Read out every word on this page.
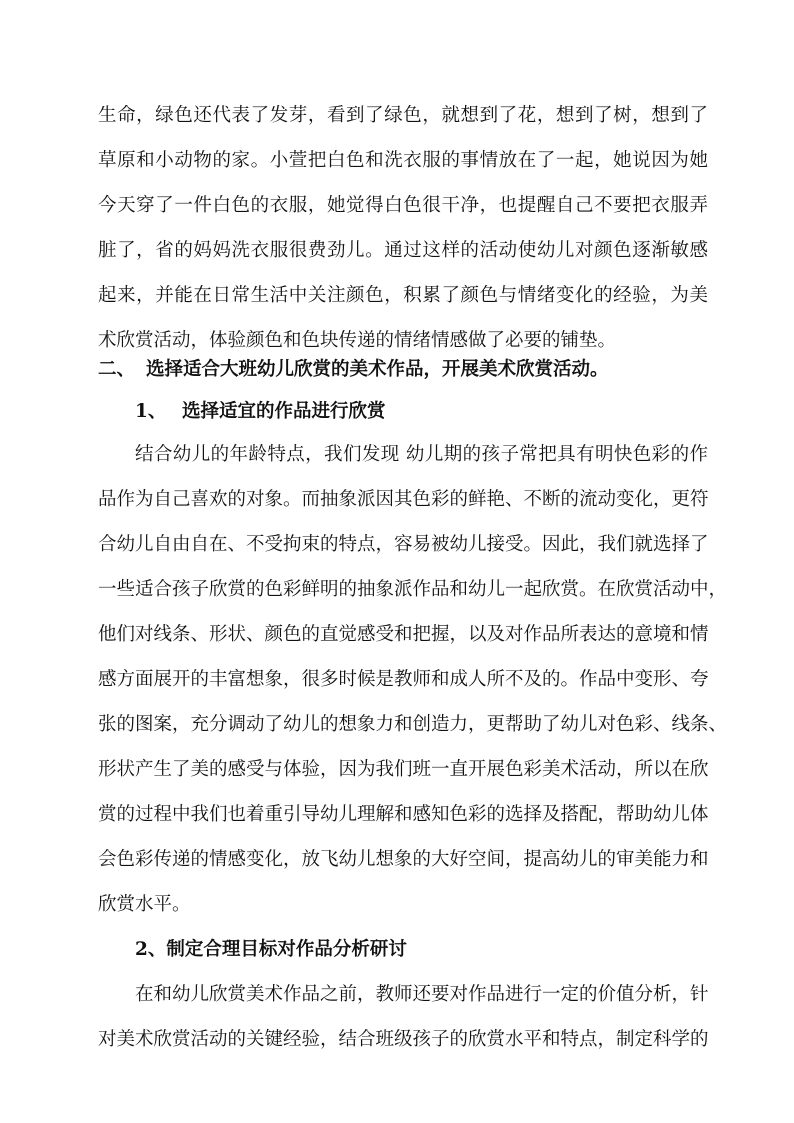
生命，绿色还代表了发芽，看到了绿色，就想到了花，想到了树，想到了
草原和小动物的家。小萱把白色和洗衣服的事情放在了一起，她说因为她
今天穿了一件白色的衣服，她觉得白色很干净，也提醒自己不要把衣服弄
脏了，省的妈妈洗衣服很费劲儿。通过这样的活动使幼儿对颜色逐渐敏感
起来，并能在日常生活中关注颜色，积累了颜色与情绪变化的经验，为美
术欣赏活动，体验颜色和色块传递的情绪情感做了必要的铺垫。
二、 选择适合大班幼儿欣赏的美术作品，开展美术欣赏活动。
1、 选择适宜的作品进行欣赏
结合幼儿的年龄特点，我们发现 幼儿期的孩子常把具有明快色彩的作
品作为自己喜欢的对象。而抽象派因其色彩的鲜艳、不断的流动变化，更符
合幼儿自由自在、不受拘束的特点，容易被幼儿接受。因此，我们就选择了
一些适合孩子欣赏的色彩鲜明的抽象派作品和幼儿一起欣赏。在欣赏活动中，
他们对线条、形状、颜色的直觉感受和把握，以及对作品所表达的意境和情
感方面展开的丰富想象，很多时候是教师和成人所不及的。作品中变形、夸
张的图案，充分调动了幼儿的想象力和创造力，更帮助了幼儿对色彩、线条、
形状产生了美的感受与体验，因为我们班一直开展色彩美术活动，所以在欣
赏的过程中我们也着重引导幼儿理解和感知色彩的选择及搭配，帮助幼儿体
会色彩传递的情感变化，放飞幼儿想象的大好空间，提高幼儿的审美能力和
欣赏水平。
2、制定合理目标对作品分析研讨
在和幼儿欣赏美术作品之前，教师还要对作品进行一定的价值分析，针
对美术欣赏活动的关键经验，结合班级孩子的欣赏水平和特点，制定科学的
